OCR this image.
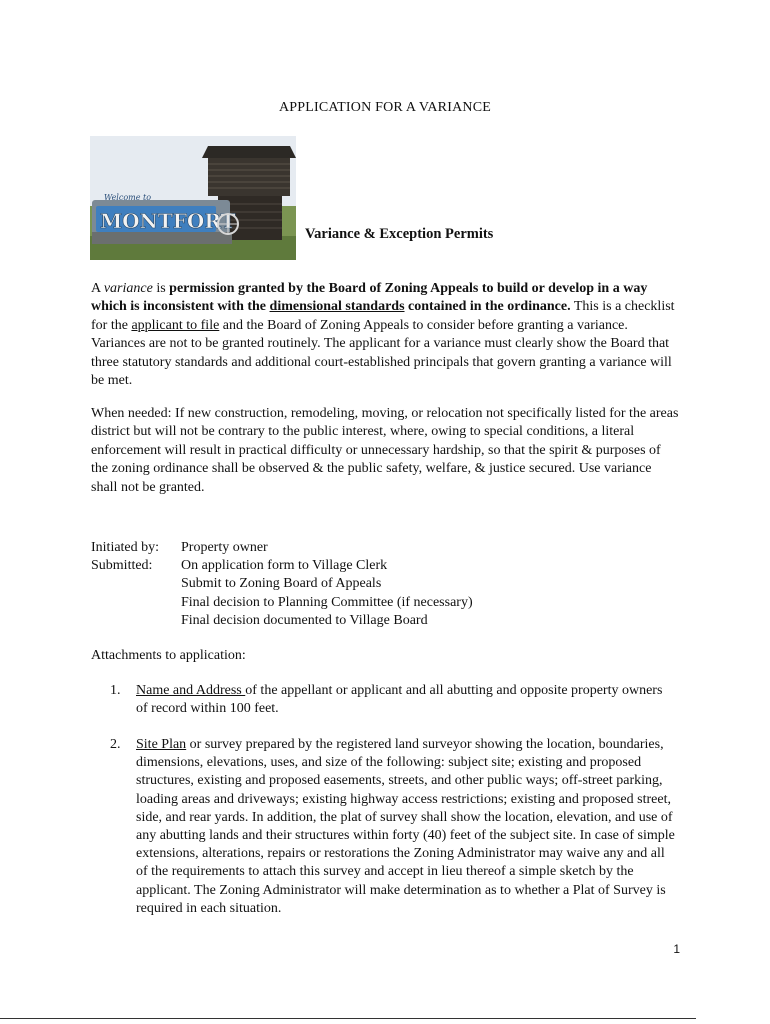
APPLICATION FOR A VARIANCE
Welcome to
MONTFORT
Variance & Exception Permits
A variance is permission granted by the Board of Zoning Appeals to build or develop in a way which is inconsistent with the dimensional standards contained in the ordinance. This is a checklist for the applicant to file and the Board of Zoning Appeals to consider before granting a variance. Variances are not to be granted routinely. The applicant for a variance must clearly show the Board that three statutory standards and additional court-established principals that govern granting a variance will be met.
When needed: If new construction, remodeling, moving, or relocation not specifically listed for the areas district but will not be contrary to the public interest, where, owing to special conditions, a literal enforcement will result in practical difficulty or unnecessary hardship, so that the spirit & purposes of the zoning ordinance shall be observed & the public safety, welfare, & justice secured. Use variance shall not be granted.
Initiated by:	Property owner
Submitted:	On application form to Village Clerk
Submit to Zoning Board of Appeals
Final decision to Planning Committee (if necessary)
Final decision documented to Village Board
Attachments to application:
1.	Name and Address of the appellant or applicant and all abutting and opposite property owners of record within 100 feet.
2.	Site Plan or survey prepared by the registered land surveyor showing the location, boundaries, dimensions, elevations, uses, and size of the following: subject site; existing and proposed structures, existing and proposed easements, streets, and other public ways; off-street parking, loading areas and driveways; existing highway access restrictions; existing and proposed street, side, and rear yards. In addition, the plat of survey shall show the location, elevation, and use of any abutting lands and their structures within forty (40) feet of the subject site. In case of simple extensions, alterations, repairs or restorations the Zoning Administrator may waive any and all of the requirements to attach this survey and accept in lieu thereof a simple sketch by the applicant. The Zoning Administrator will make determination as to whether a Plat of Survey is required in each situation.
1
